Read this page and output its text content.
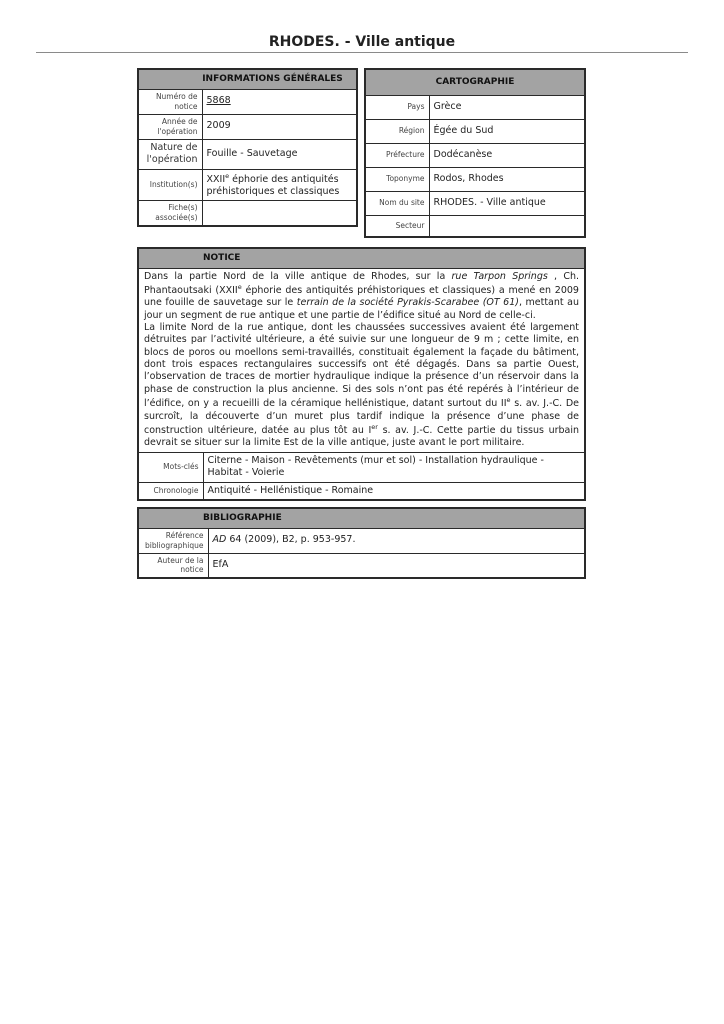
RHODES. - Ville antique
INFORMATIONS GÉNÉRALES	
Numéro de notice	5868
Année de l'opération	2009
Nature de l'opération	Fouille - Sauvetage
Institution(s)	XXIIe éphorie des antiquités préhistoriques et classiques
Fiche(s) associée(s)	
CARTOGRAPHIE	
Pays	Grèce
Région	Égée du Sud
Préfecture	Dodécanèse
Toponyme	Rodos, Rhodes
Nom du site	RHODES. - Ville antique
Secteur	
NOTICE	

Dans la partie Nord de la ville antique de Rhodes, sur la rue Tarpon Springs , Ch. Phantaoutsaki (XXIIe éphorie des antiquités préhistoriques et classiques) a mené en 2009 une fouille de sauvetage sur le terrain de la société Pyrakis-Scarabee (OT 61), mettant au jour un segment de rue antique et une partie de l’édifice situé au Nord de celle-ci.
La limite Nord de la rue antique, dont les chaussées successives avaient été largement détruites par l’activité ultérieure, a été suivie sur une longueur de 9 m ; cette limite, en blocs de poros ou moellons semi-travaillés, constituait également la façade du bâtiment, dont trois espaces rectangulaires successifs ont été dégagés. Dans sa partie Ouest, l’observation de traces de mortier hydraulique indique la présence d’un réservoir dans la phase de construction la plus ancienne. Si des sols n’ont pas été repérés à l’intérieur de l’édifice, on y a recueilli de la céramique hellénistique, datant surtout du IIe s. av. J.-C. De surcroît, la découverte d’un muret plus tardif indique la présence d’une phase de construction ultérieure, datée au plus tôt au Ier s. av. J.-C. Cette partie du tissus urbain devrait se situer sur la limite Est de la ville antique, juste avant le port militaire.	

Mots-clés	Citerne - Maison - Revêtements (mur et sol) - Installation hydraulique - Habitat - Voierie
Chronologie	Antiquité - Hellénistique - Romaine
BIBLIOGRAPHIE	
Référence bibliographique	AD 64 (2009), B2, p. 953-957.
Auteur de la notice	EfA
